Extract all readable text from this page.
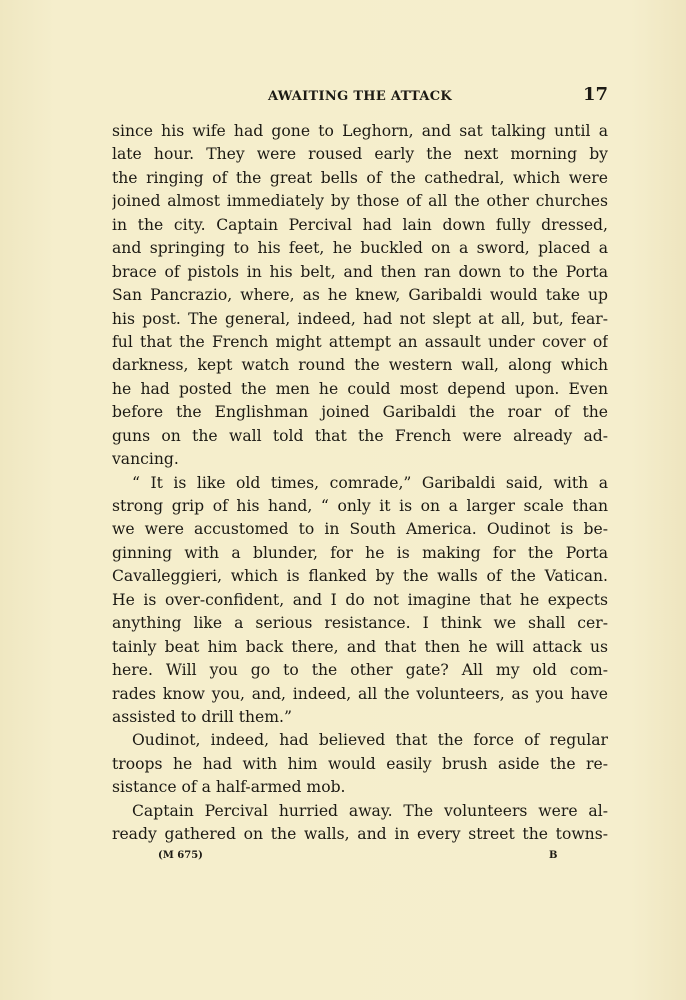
AWAITING THE ATTACK	17
since his wife had gone to Leghorn, and sat talking until a
late hour. They were roused early the next morning by
the ringing of the great bells of the cathedral, which were
joined almost immediately by those of all the other churches
in the city. Captain Percival had lain down fully dressed,
and springing to his feet, he buckled on a sword, placed a
brace of pistols in his belt, and then ran down to the Porta
San Pancrazio, where, as he knew, Garibaldi would take up
his post. The general, indeed, had not slept at all, but, fear-
ful that the French might attempt an assault under cover of
darkness, kept watch round the western wall, along which
he had posted the men he could most depend upon. Even
before the Englishman joined Garibaldi the roar of the
guns on the wall told that the French were already ad-
vancing.
“ It is like old times, comrade,” Garibaldi said, with a
strong grip of his hand, “ only it is on a larger scale than
we were accustomed to in South America. Oudinot is be-
ginning with a blunder, for he is making for the Porta
Cavalleggieri, which is flanked by the walls of the Vatican.
He is over-confident, and I do not imagine that he expects
anything like a serious resistance. I think we shall cer-
tainly beat him back there, and that then he will attack us
here. Will you go to the other gate? All my old com-
rades know you, and, indeed, all the volunteers, as you have
assisted to drill them.”
Oudinot, indeed, had believed that the force of regular
troops he had with him would easily brush aside the re-
sistance of a half-armed mob.
Captain Percival hurried away. The volunteers were al-
ready gathered on the walls, and in every street the towns-
(M 675)	B
